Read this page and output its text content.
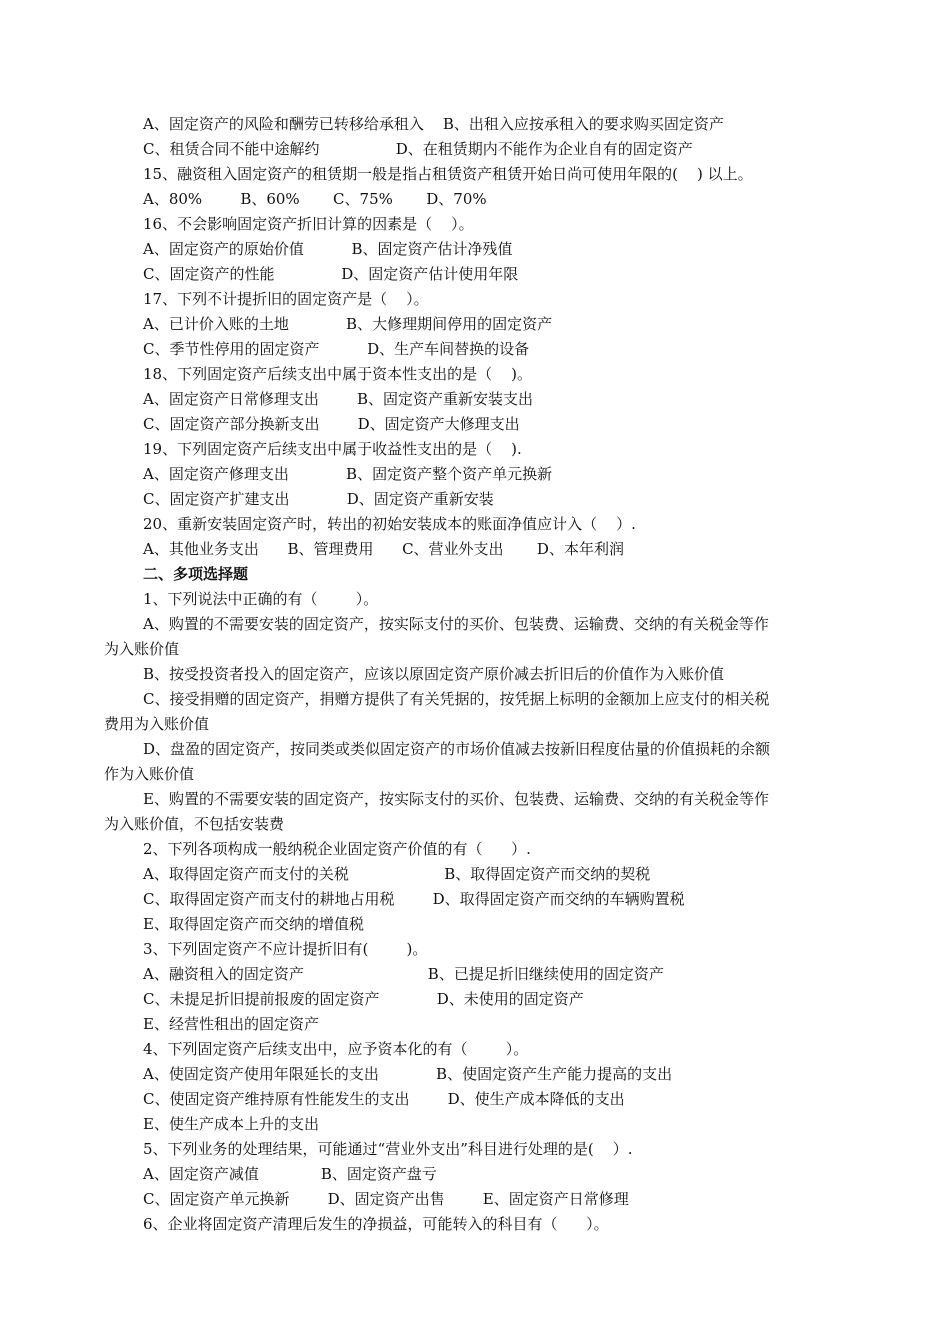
A、固定资产的风险和酬劳已转移给承租入    B、出租入应按承租入的要求购买固定资产
C、租赁合同不能中途解约                D、在租赁期内不能作为企业自有的固定资产
15、融资租入固定资产的租赁期一般是指占租赁资产租赁开始日尚可使用年限的(    ) 以上。
A、80%        B、60%       C、75%       D、70%
16、不会影响固定资产折旧计算的因素是（    ）。
A、固定资产的原始价值          B、固定资产估计净残值
C、固定资产的性能              D、固定资产估计使用年限
17、下列不计提折旧的固定资产是（    ）。
A、已计价入账的土地            B、大修理期间停用的固定资产
C、季节性停用的固定资产          D、生产车间替换的设备
18、下列固定资产后续支出中属于资本性支出的是（    )。
A、固定资产日常修理支出        B、固定资产重新安装支出
C、固定资产部分换新支出        D、固定资产大修理支出
19、下列固定资产后续支出中属于收益性支出的是（    ).
A、固定资产修理支出            B、固定资产整个资产单元换新
C、固定资产扩建支出            D、固定资产重新安装
20、重新安装固定资产时，转出的初始安装成本的账面净值应计入（    ）.
A、其他业务支出      B、管理费用      C、营业外支出       D、本年利润
二、多项选择题
1、下列说法中正确的有（        ）。
A、购置的不需要安装的固定资产，按实际支付的买价、包装费、运输费、交纳的有关税金等作
为入账价值
B、按受投资者投入的固定资产，应该以原固定资产原价减去折旧后的价值作为入账价值
C、接受捐赠的固定资产，捐赠方提供了有关凭据的，按凭据上标明的金额加上应支付的相关税
费用为入账价值
D、盘盈的固定资产，按同类或类似固定资产的市场价值减去按新旧程度估量的价值损耗的余额
作为入账价值
E、购置的不需要安装的固定资产，按实际支付的买价、包装费、运输费、交纳的有关税金等作
为入账价值，不包括安装费
2、下列各项构成一般纳税企业固定资产价值的有（      ）.
A、取得固定资产而支付的关税                    B、取得固定资产而交纳的契税
C、取得固定资产而支付的耕地占用税        D、取得固定资产而交纳的车辆购置税
E、取得固定资产而交纳的增值税
3、下列固定资产不应计提折旧有(        )。
A、融资租入的固定资产                          B、已提足折旧继续使用的固定资产
C、未提足折旧提前报废的固定资产            D、未使用的固定资产
E、经营性租出的固定资产
4、下列固定资产后续支出中，应予资本化的有（        ）。
A、使固定资产使用年限延长的支出            B、使固定资产生产能力提高的支出
C、使固定资产维持原有性能发生的支出        D、使生产成本降低的支出
E、使生产成本上升的支出
5、下列业务的处理结果，可能通过“营业外支出”科目进行处理的是(    ）.
A、固定资产减值             B、固定资产盘亏
C、固定资产单元换新        D、固定资产出售        E、固定资产日常修理
6、企业将固定资产清理后发生的净损益，可能转入的科目有（      ）。
